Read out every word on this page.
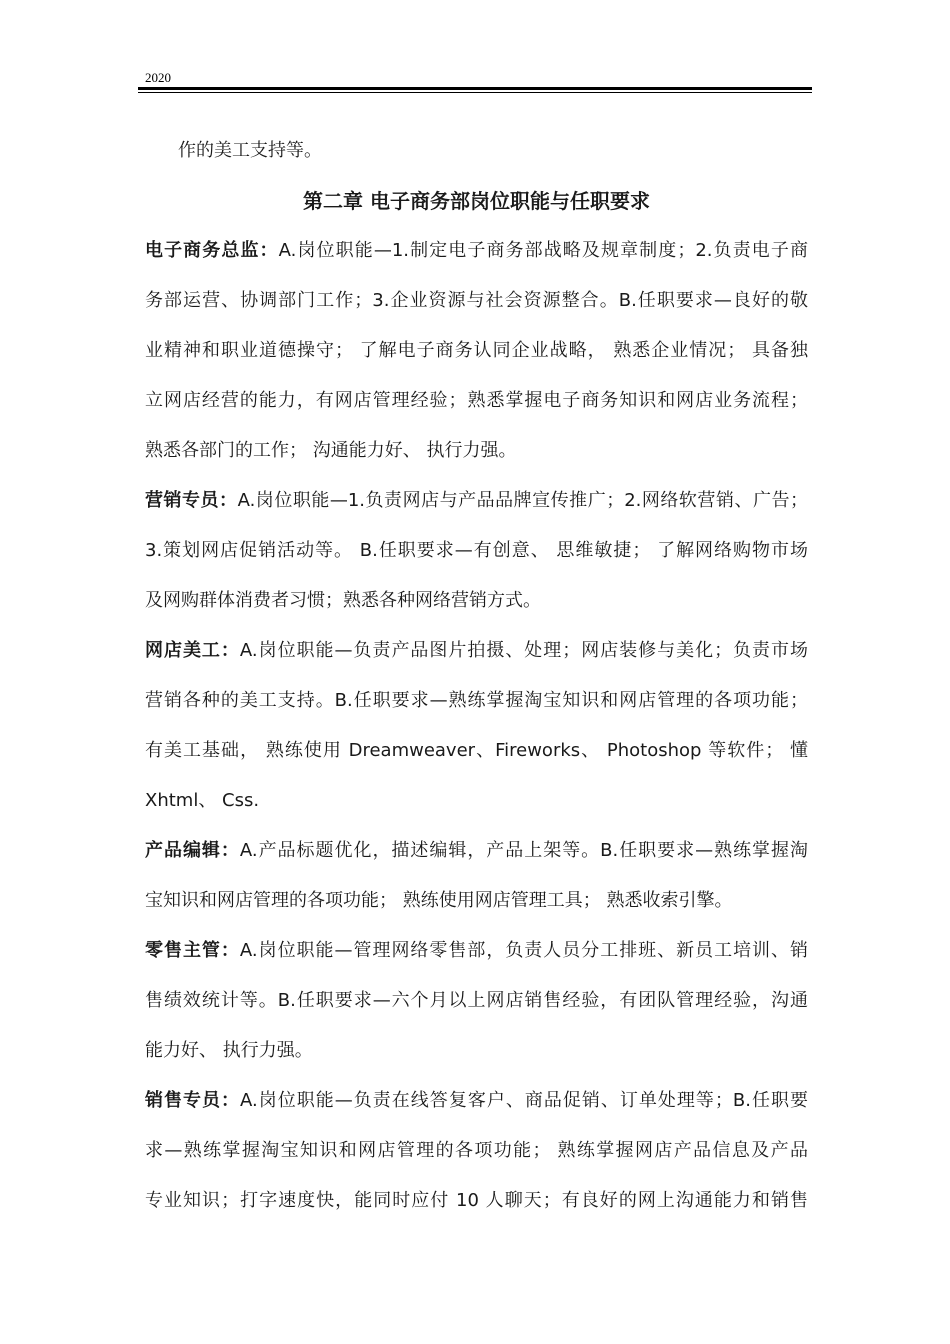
2020
作的美工支持等。
第二章 电子商务部岗位职能与任职要求
电子商务总监：A.岗位职能—1.制定电子商务部战略及规章制度；2.负责电子商
务部运营、协调部门工作；3.企业资源与社会资源整合。B.任职要求—良好的敬
业精神和职业道德操守； 了解电子商务认同企业战略， 熟悉企业情况； 具备独
立网店经营的能力，有网店管理经验；熟悉掌握电子商务知识和网店业务流程；
熟悉各部门的工作； 沟通能力好、 执行力强。
营销专员：A.岗位职能—1.负责网店与产品品牌宣传推广；2.网络软营销、广告；
3.策划网店促销活动等。 B.任职要求—有创意、 思维敏捷； 了解网络购物市场
及网购群体消费者习惯；熟悉各种网络营销方式。
网店美工：A.岗位职能—负责产品图片拍摄、处理；网店装修与美化；负责市场
营销各种的美工支持。B.任职要求—熟练掌握淘宝知识和网店管理的各项功能；
有美工基础， 熟练使用 Dreamweaver、Fireworks、 Photoshop 等软件； 懂
Xhtml、 Css.
产品编辑：A.产品标题优化，描述编辑，产品上架等。B.任职要求—熟练掌握淘
宝知识和网店管理的各项功能； 熟练使用网店管理工具； 熟悉收索引擎。
零售主管：A.岗位职能—管理网络零售部，负责人员分工排班、新员工培训、销
售绩效统计等。B.任职要求—六个月以上网店销售经验，有团队管理经验，沟通
能力好、 执行力强。
销售专员：A.岗位职能—负责在线答复客户、商品促销、订单处理等；B.任职要
求—熟练掌握淘宝知识和网店管理的各项功能； 熟练掌握网店产品信息及产品
专业知识；打字速度快，能同时应付 10 人聊天；有良好的网上沟通能力和销售
